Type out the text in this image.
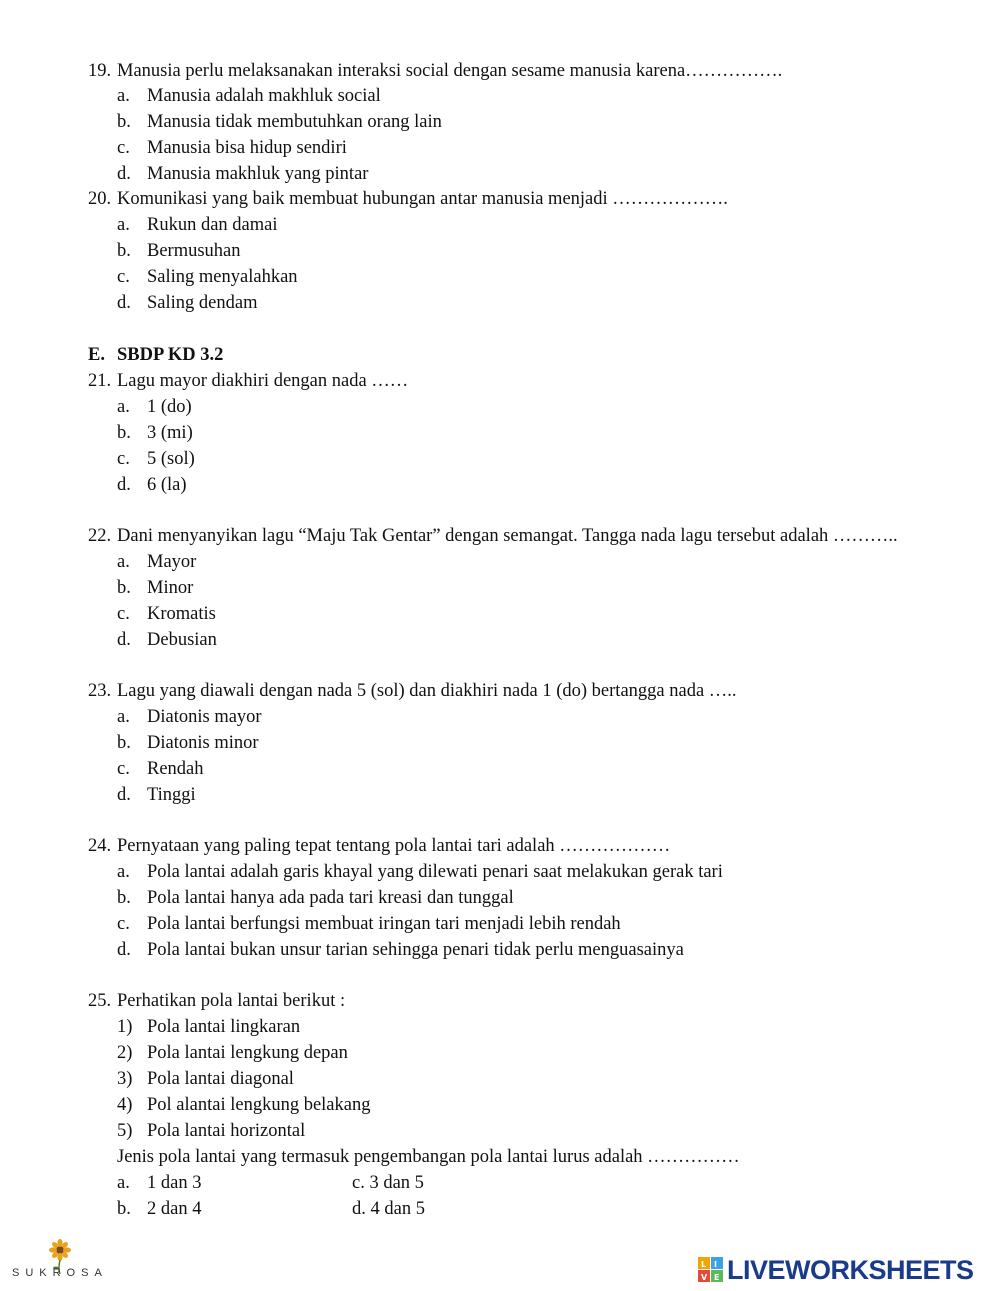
19. Manusia perlu melaksanakan interaksi social dengan sesame manusia karena…………….
a. Manusia adalah makhluk social
b. Manusia tidak membutuhkan orang lain
c. Manusia bisa hidup sendiri
d. Manusia makhluk yang pintar
20. Komunikasi yang baik membuat hubungan antar manusia menjadi ……………….
a. Rukun dan damai
b. Bermusuhan
c. Saling menyalahkan
d. Saling dendam
E. SBDP KD 3.2
21. Lagu mayor diakhiri dengan nada ……
a. 1 (do)
b. 3 (mi)
c. 5 (sol)
d. 6 (la)
22. Dani menyanyikan lagu “Maju Tak Gentar” dengan semangat. Tangga nada lagu tersebut adalah ………..
a. Mayor
b. Minor
c. Kromatis
d. Debusian
23. Lagu yang diawali dengan nada 5 (sol) dan diakhiri nada 1 (do) bertangga nada …..
a. Diatonis mayor
b. Diatonis minor
c. Rendah
d. Tinggi
24. Pernyataan yang paling tepat tentang pola lantai tari adalah ………………
a. Pola lantai adalah garis khayal yang dilewati penari saat melakukan gerak tari
b. Pola lantai hanya ada pada tari kreasi dan tunggal
c. Pola lantai berfungsi membuat iringan tari menjadi lebih rendah
d. Pola lantai bukan unsur tarian sehingga penari tidak perlu menguasainya
25. Perhatikan pola lantai berikut :
1) Pola lantai lingkaran
2) Pola lantai lengkung depan
3) Pola lantai diagonal
4) Pol alantai lengkung belakang
5) Pola lantai horizontal
Jenis pola lantai yang termasuk pengembangan pola lantai lurus adalah ……………
a. 1 dan 3	c. 3 dan 5
b. 2 dan 4	d. 4 dan 5
SUKROSA
L I
V E LIVEWORKSHEETS
